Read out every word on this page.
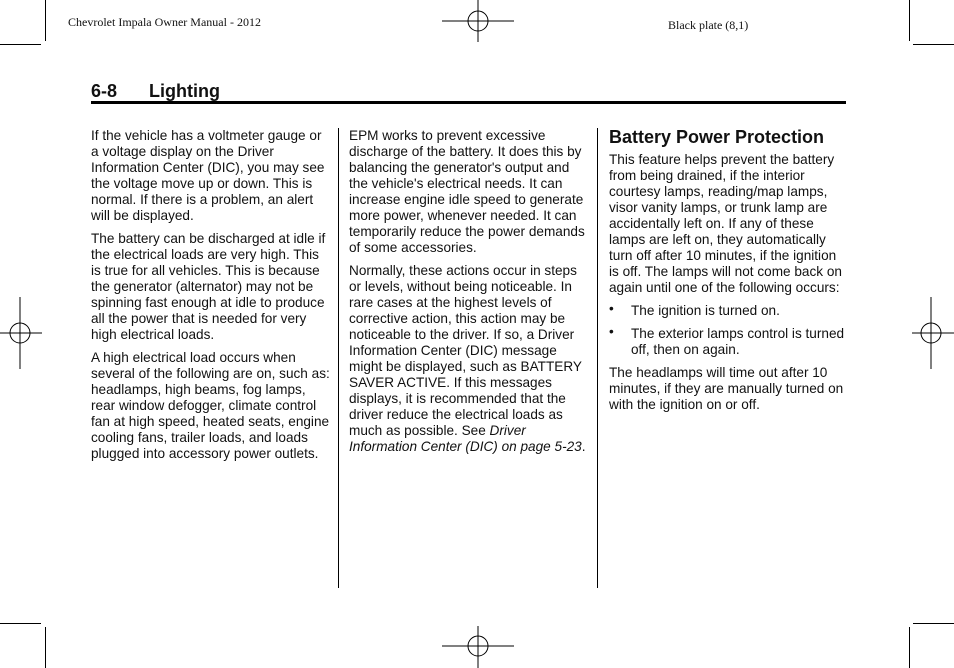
Chevrolet Impala Owner Manual - 2012	Black plate (8,1)
6-8 Lighting

If the vehicle has a voltmeter gauge or a voltage display on the Driver Information Center (DIC), you may see the voltage move up or down. This is normal. If there is a problem, an alert will be displayed.

The battery can be discharged at idle if the electrical loads are very high. This is true for all vehicles. This is because the generator (alternator) may not be spinning fast enough at idle to produce all the power that is needed for very high electrical loads.

A high electrical load occurs when several of the following are on, such as: headlamps, high beams, fog lamps, rear window defogger, climate control fan at high speed, heated seats, engine cooling fans, trailer loads, and loads plugged into accessory power outlets.

EPM works to prevent excessive discharge of the battery. It does this by balancing the generator's output and the vehicle's electrical needs. It can increase engine idle speed to generate more power, whenever needed. It can temporarily reduce the power demands of some accessories.

Normally, these actions occur in steps or levels, without being noticeable. In rare cases at the highest levels of corrective action, this action may be noticeable to the driver. If so, a Driver Information Center (DIC) message might be displayed, such as BATTERY SAVER ACTIVE. If this messages displays, it is recommended that the driver reduce the electrical loads as much as possible. See Driver Information Center (DIC) on page 5-23.

Battery Power Protection

This feature helps prevent the battery from being drained, if the interior courtesy lamps, reading/map lamps, visor vanity lamps, or trunk lamp are accidentally left on. If any of these lamps are left on, they automatically turn off after 10 minutes, if the ignition is off. The lamps will not come back on again until one of the following occurs:

• The ignition is turned on.
• The exterior lamps control is turned off, then on again.

The headlamps will time out after 10 minutes, if they are manually turned on with the ignition on or off.
